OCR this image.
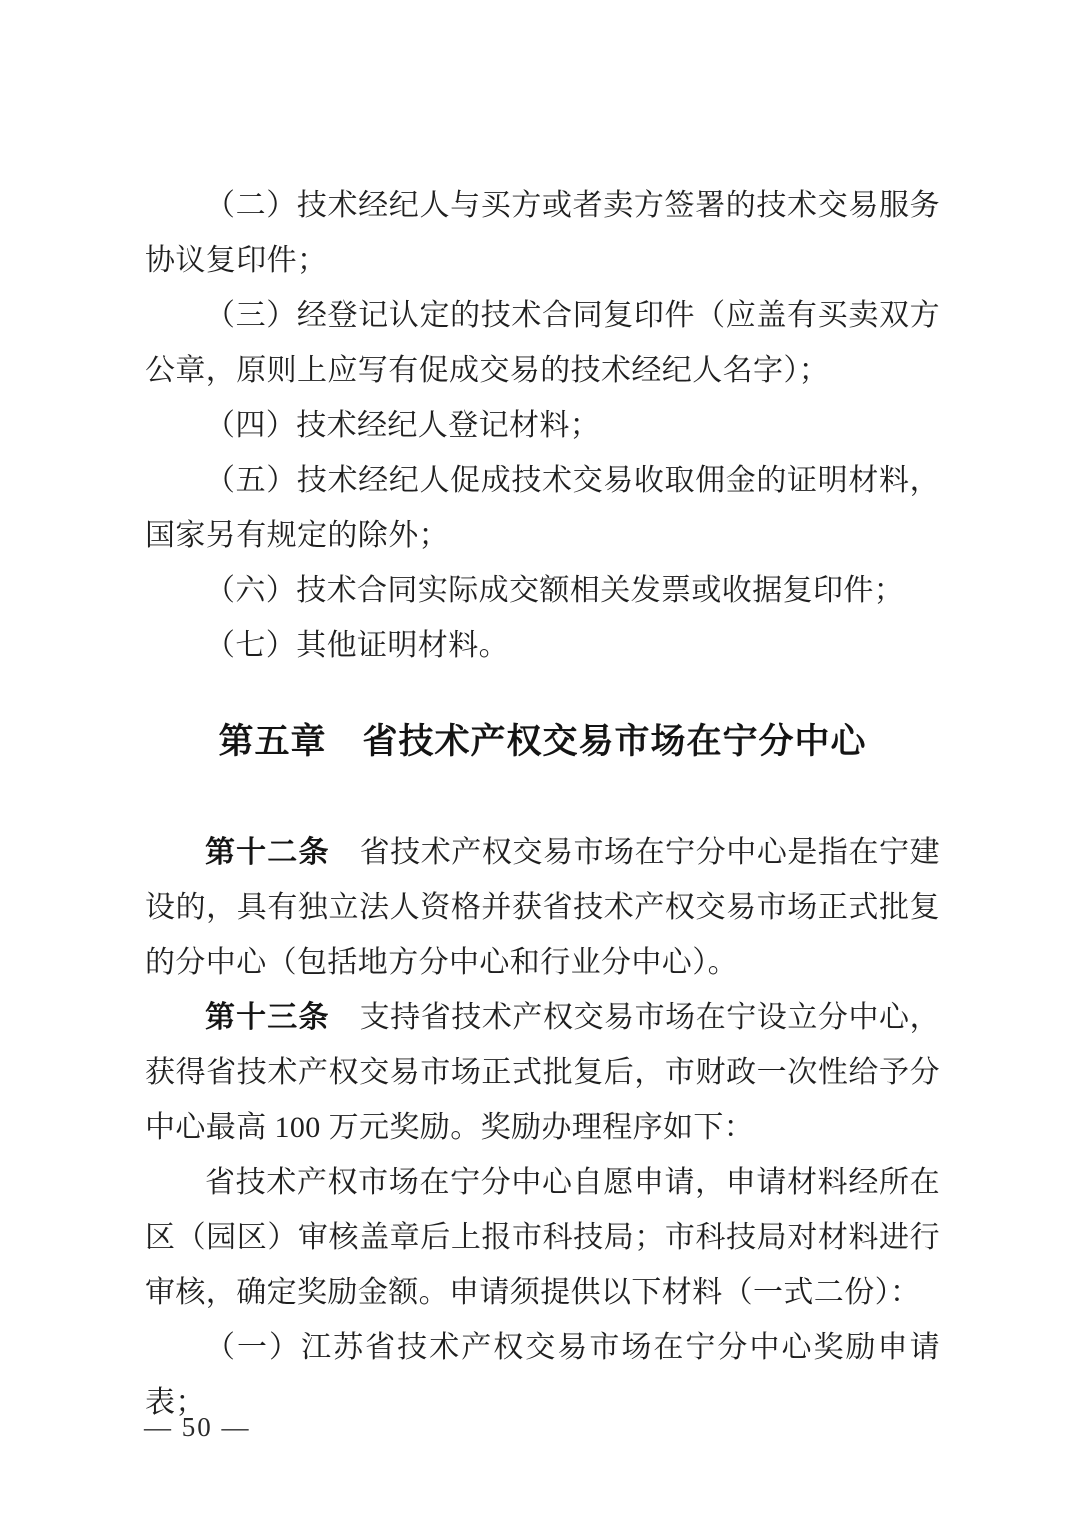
（二）技术经纪人与买方或者卖方签署的技术交易服务协议复印件；

（三）经登记认定的技术合同复印件（应盖有买卖双方公章，原则上应写有促成交易的技术经纪人名字）；

（四）技术经纪人登记材料；

（五）技术经纪人促成技术交易收取佣金的证明材料，国家另有规定的除外；

（六）技术合同实际成交额相关发票或收据复印件；

（七）其他证明材料。

第五章　省技术产权交易市场在宁分中心

第十二条 省技术产权交易市场在宁分中心是指在宁建设的，具有独立法人资格并获省技术产权交易市场正式批复的分中心（包括地方分中心和行业分中心）。

第十三条 支持省技术产权交易市场在宁设立分中心，获得省技术产权交易市场正式批复后，市财政一次性给予分中心最高 100 万元奖励。奖励办理程序如下：

省技术产权市场在宁分中心自愿申请，申请材料经所在区（园区）审核盖章后上报市科技局；市科技局对材料进行审核，确定奖励金额。申请须提供以下材料（一式二份）：

（一）江苏省技术产权交易市场在宁分中心奖励申请表；

— 50 —
